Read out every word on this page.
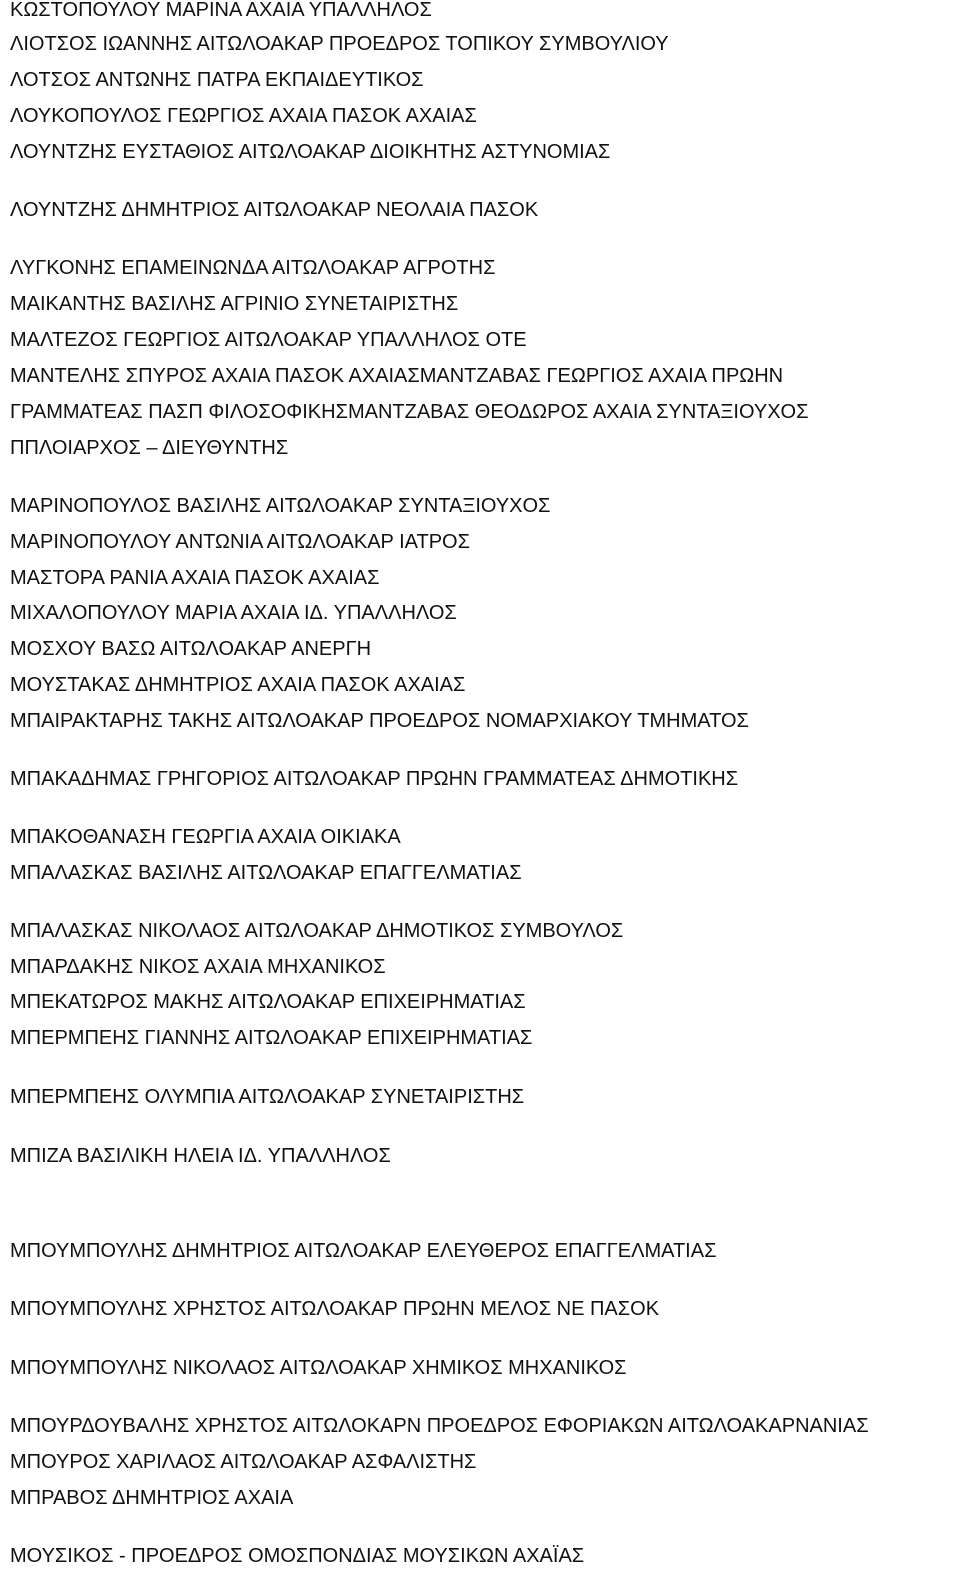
ΚΩΣΤΟΠΟΥΛΟΥ ΜΑΡΙΝΑ ΑΧΑΙΑ ΥΠΑΛΛΗΛΟΣ

ΛΙΟΤΣΟΣ ΙΩΑΝΝΗΣ ΑΙΤΩΛΟΑΚΑΡ ΠΡΟΕΔΡΟΣ ΤΟΠΙΚΟΥ ΣΥΜΒΟΥΛΙΟΥ

ΛΟΤΣΟΣ ΑΝΤΩΝΗΣ ΠΑΤΡΑ ΕΚΠΑΙΔΕΥΤΙΚΟΣ

ΛΟΥΚΟΠΟΥΛΟΣ ΓΕΩΡΓΙΟΣ ΑΧΑΙΑ ΠΑΣΟΚ ΑΧΑΙΑΣ

ΛΟΥΝΤΖΗΣ ΕΥΣΤΑΘΙΟΣ ΑΙΤΩΛΟΑΚΑΡ ΔΙΟΙΚΗΤΗΣ ΑΣΤΥΝΟΜΙΑΣ

ΛΟΥΝΤΖΗΣ ΔΗΜΗΤΡΙΟΣ ΑΙΤΩΛΟΑΚΑΡ ΝΕΟΛΑΙΑ ΠΑΣΟΚ

ΛΥΓΚΟΝΗΣ ΕΠΑΜΕΙΝΩΝΔΑ ΑΙΤΩΛΟΑΚΑΡ ΑΓΡΟΤΗΣ

ΜΑΙΚΑΝΤΗΣ ΒΑΣΙΛΗΣ ΑΓΡΙΝΙΟ ΣΥΝΕΤΑΙΡΙΣΤΗΣ

ΜΑΛΤΕΖΟΣ ΓΕΩΡΓΙΟΣ ΑΙΤΩΛΟΑΚΑΡ ΥΠΑΛΛΗΛΟΣ ΟΤΕ

ΜΑΝΤΕΛΗΣ ΣΠΥΡΟΣ ΑΧΑΙΑ ΠΑΣΟΚ ΑΧΑΙΑΣΜΑΝΤΖΑΒΑΣ ΓΕΩΡΓΙΟΣ ΑΧΑΙΑ ΠΡΩΗΝ

ΓΡΑΜΜΑΤΕΑΣ ΠΑΣΠ ΦΙΛΟΣΟΦΙΚΗΣΜΑΝΤΖΑΒΑΣ ΘΕΟΔΩΡΟΣ ΑΧΑΙΑ ΣΥΝΤΑΞΙΟΥΧΟΣ

ΠΠΛΟΙΑΡΧΟΣ – ΔΙΕΥΘΥΝΤΗΣ

ΜΑΡΙΝΟΠΟΥΛΟΣ ΒΑΣΙΛΗΣ ΑΙΤΩΛΟΑΚΑΡ ΣΥΝΤΑΞΙΟΥΧΟΣ

ΜΑΡΙΝΟΠΟΥΛΟΥ ΑΝΤΩΝΙΑ ΑΙΤΩΛΟΑΚΑΡ ΙΑΤΡΟΣ

ΜΑΣΤΟΡΑ ΡΑΝΙΑ ΑΧΑΙΑ ΠΑΣΟΚ ΑΧΑΙΑΣ

ΜΙΧΑΛΟΠΟΥΛΟΥ ΜΑΡΙΑ ΑΧΑΙΑ ΙΔ. ΥΠΑΛΛΗΛΟΣ

ΜΟΣΧΟΥ ΒΑΣΩ ΑΙΤΩΛΟΑΚΑΡ ΑΝΕΡΓΗ

ΜΟΥΣΤΑΚΑΣ ΔΗΜΗΤΡΙΟΣ ΑΧΑΙΑ ΠΑΣΟΚ ΑΧΑΙΑΣ

ΜΠΑΙΡΑΚΤΑΡΗΣ ΤΑΚΗΣ ΑΙΤΩΛΟΑΚΑΡ ΠΡΟΕΔΡΟΣ ΝΟΜΑΡΧΙΑΚΟΥ ΤΜΗΜΑΤΟΣ

ΜΠΑΚΑΔΗΜΑΣ ΓΡΗΓΟΡΙΟΣ ΑΙΤΩΛΟΑΚΑΡ ΠΡΩΗΝ ΓΡΑΜΜΑΤΕΑΣ ΔΗΜΟΤΙΚΗΣ

ΜΠΑΚΟΘΑΝΑΣΗ ΓΕΩΡΓΙΑ ΑΧΑΙΑ ΟΙΚΙΑΚΑ

ΜΠΑΛΑΣΚΑΣ ΒΑΣΙΛΗΣ ΑΙΤΩΛΟΑΚΑΡ ΕΠΑΓΓΕΛΜΑΤΙΑΣ

ΜΠΑΛΑΣΚΑΣ ΝΙΚΟΛΑΟΣ ΑΙΤΩΛΟΑΚΑΡ ΔΗΜΟΤΙΚΟΣ ΣΥΜΒΟΥΛΟΣ

ΜΠΑΡΔΑΚΗΣ ΝΙΚΟΣ ΑΧΑΙΑ ΜΗΧΑΝΙΚΟΣ

ΜΠΕΚΑΤΩΡΟΣ ΜΑΚΗΣ ΑΙΤΩΛΟΑΚΑΡ ΕΠΙΧΕΙΡΗΜΑΤΙΑΣ

ΜΠΕΡΜΠΕΗΣ ΓΙΑΝΝΗΣ ΑΙΤΩΛΟΑΚΑΡ ΕΠΙΧΕΙΡΗΜΑΤΙΑΣ

ΜΠΕΡΜΠΕΗΣ ΟΛΥΜΠΙΑ ΑΙΤΩΛΟΑΚΑΡ ΣΥΝΕΤΑΙΡΙΣΤΗΣ

ΜΠΙΖΑ ΒΑΣΙΛΙΚΗ ΗΛΕΙΑ ΙΔ. ΥΠΑΛΛΗΛΟΣ

ΜΠΟΥΜΠΟΥΛΗΣ ΔΗΜΗΤΡΙΟΣ ΑΙΤΩΛΟΑΚΑΡ ΕΛΕΥΘΕΡΟΣ ΕΠΑΓΓΕΛΜΑΤΙΑΣ

ΜΠΟΥΜΠΟΥΛΗΣ ΧΡΗΣΤΟΣ ΑΙΤΩΛΟΑΚΑΡ ΠΡΩΗΝ ΜΕΛΟΣ ΝΕ ΠΑΣΟΚ

ΜΠΟΥΜΠΟΥΛΗΣ ΝΙΚΟΛΑΟΣ ΑΙΤΩΛΟΑΚΑΡ ΧΗΜΙΚΟΣ ΜΗΧΑΝΙΚΟΣ

ΜΠΟΥΡΔΟΥΒΑΛΗΣ ΧΡΗΣΤΟΣ ΑΙΤΩΛΟΚΑΡΝ ΠΡΟΕΔΡΟΣ ΕΦΟΡΙΑΚΩΝ ΑΙΤΩΛΟΑΚΑΡΝΑΝΙΑΣ

ΜΠΟΥΡΟΣ ΧΑΡΙΛΑΟΣ ΑΙΤΩΛΟΑΚΑΡ ΑΣΦΑΛΙΣΤΗΣ

ΜΠΡΑΒΟΣ ΔΗΜΗΤΡΙΟΣ ΑΧΑΙΑ

ΜΟΥΣΙΚΟΣ - ΠΡΟΕΔΡΟΣ ΟΜΟΣΠΟΝΔΙΑΣ ΜΟΥΣΙΚΩΝ ΑΧΑΪΑΣ
